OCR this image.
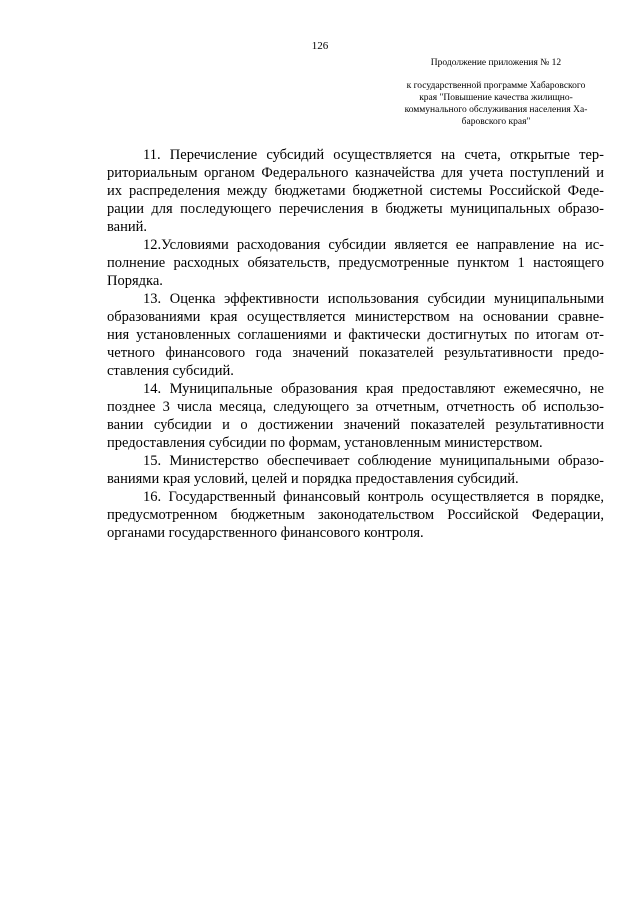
126
Продолжение приложения № 12
к государственной программе Хабаровского
края "Повышение качества жилищно-
коммунального обслуживания населения Ха-
баровского края"
11. Перечисление субсидий осуществляется на счета, открытые тер-
риториальным органом Федерального казначейства для учета поступлений и
их распределения между бюджетами бюджетной системы Российской Феде-
рации для последующего перечисления в бюджеты муниципальных образо-
ваний.
12.Условиями расходования субсидии является ее направление на ис-
полнение расходных обязательств, предусмотренные пунктом 1 настоящего
Порядка.
13. Оценка эффективности использования субсидии муниципальными
образованиями края осуществляется министерством на основании сравне-
ния установленных соглашениями и фактически достигнутых по итогам от-
четного финансового года значений показателей результативности предо-
ставления субсидий.
14. Муниципальные образования края предоставляют ежемесячно, не
позднее 3 числа месяца, следующего за отчетным, отчетность об использо-
вании субсидии и о достижении значений показателей результативности
предоставления субсидии по формам, установленным министерством.
15. Министерство обеспечивает соблюдение муниципальными образо-
ваниями края условий, целей и порядка предоставления субсидий.
16. Государственный финансовый контроль осуществляется в порядке,
предусмотренном бюджетным законодательством Российской Федерации,
органами государственного финансового контроля.
